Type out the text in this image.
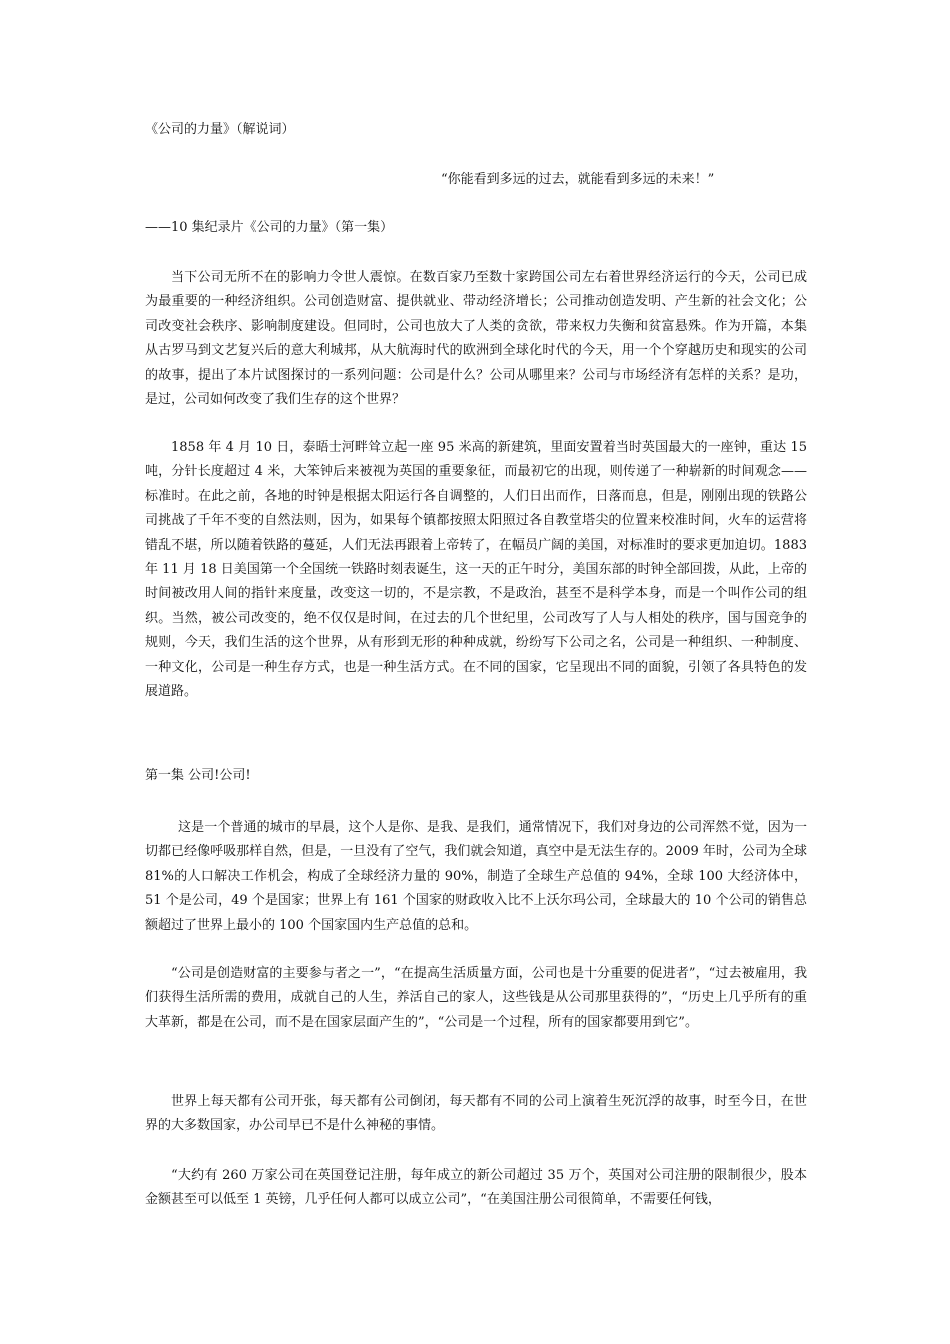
《公司的力量》（解说词）
“你能看到多远的过去，就能看到多远的未来！”
——10 集纪录片《公司的力量》（第一集）

当下公司无所不在的影响力令世人震惊。在数百家乃至数十家跨国公司左右着世界经济运行的今天，公司已成为最重要的一种经济组织。公司创造财富、提供就业、带动经济增长；公司推动创造发明、产生新的社会文化；公司改变社会秩序、影响制度建设。但同时，公司也放大了人类的贪欲，带来权力失衡和贫富悬殊。作为开篇，本集从古罗马到文艺复兴后的意大利城邦，从大航海时代的欧洲到全球化时代的今天，用一个个穿越历史和现实的公司的故事，提出了本片试图探讨的一系列问题：公司是什么？公司从哪里来？公司与市场经济有怎样的关系？是功，是过，公司如何改变了我们生存的这个世界？

1858 年 4 月 10 日，泰晤士河畔耸立起一座 95 米高的新建筑，里面安置着当时英国最大的一座钟，重达 15 吨，分针长度超过 4 米，大笨钟后来被视为英国的重要象征，而最初它的出现，则传递了一种崭新的时间观念——标准时。在此之前，各地的时钟是根据太阳运行各自调整的，人们日出而作，日落而息，但是，刚刚出现的铁路公司挑战了千年不变的自然法则，因为，如果每个镇都按照太阳照过各自教堂塔尖的位置来校准时间，火车的运营将错乱不堪，所以随着铁路的蔓延，人们无法再跟着上帝转了，在幅员广阔的美国，对标准时的要求更加迫切。1883 年 11 月 18 日美国第一个全国统一铁路时刻表诞生，这一天的正午时分，美国东部的时钟全部回拨，从此，上帝的时间被改用人间的指针来度量，改变这一切的，不是宗教，不是政治，甚至不是科学本身，而是一个叫作公司的组织。当然，被公司改变的，绝不仅仅是时间，在过去的几个世纪里，公司改写了人与人相处的秩序，国与国竞争的规则，今天，我们生活的这个世界，从有形到无形的种种成就，纷纷写下公司之名，公司是一种组织、一种制度、一种文化，公司是一种生存方式，也是一种生活方式。在不同的国家，它呈现出不同的面貌，引领了各具特色的发展道路。

第一集 公司!公司!

这是一个普通的城市的早晨，这个人是你、是我、是我们，通常情况下，我们对身边的公司浑然不觉，因为一切都已经像呼吸那样自然，但是，一旦没有了空气，我们就会知道，真空中是无法生存的。2009 年时，公司为全球 81%的人口解决工作机会，构成了全球经济力量的 90%，制造了全球生产总值的 94%，全球 100 大经济体中，51 个是公司，49 个是国家；世界上有 161 个国家的财政收入比不上沃尔玛公司，全球最大的 10 个公司的销售总额超过了世界上最小的 100 个国家国内生产总值的总和。

“公司是创造财富的主要参与者之一”，“在提高生活质量方面，公司也是十分重要的促进者”，“过去被雇用，我们获得生活所需的费用，成就自己的人生，养活自己的家人，这些钱是从公司那里获得的”，“历史上几乎所有的重大革新，都是在公司，而不是在国家层面产生的”，“公司是一个过程，所有的国家都要用到它”。

世界上每天都有公司开张，每天都有公司倒闭，每天都有不同的公司上演着生死沉浮的故事，时至今日，在世界的大多数国家，办公司早已不是什么神秘的事情。

“大约有 260 万家公司在英国登记注册，每年成立的新公司超过 35 万个，英国对公司注册的限制很少，股本金额甚至可以低至 1 英镑，几乎任何人都可以成立公司”，“在美国注册公司很简单，不需要任何钱，
